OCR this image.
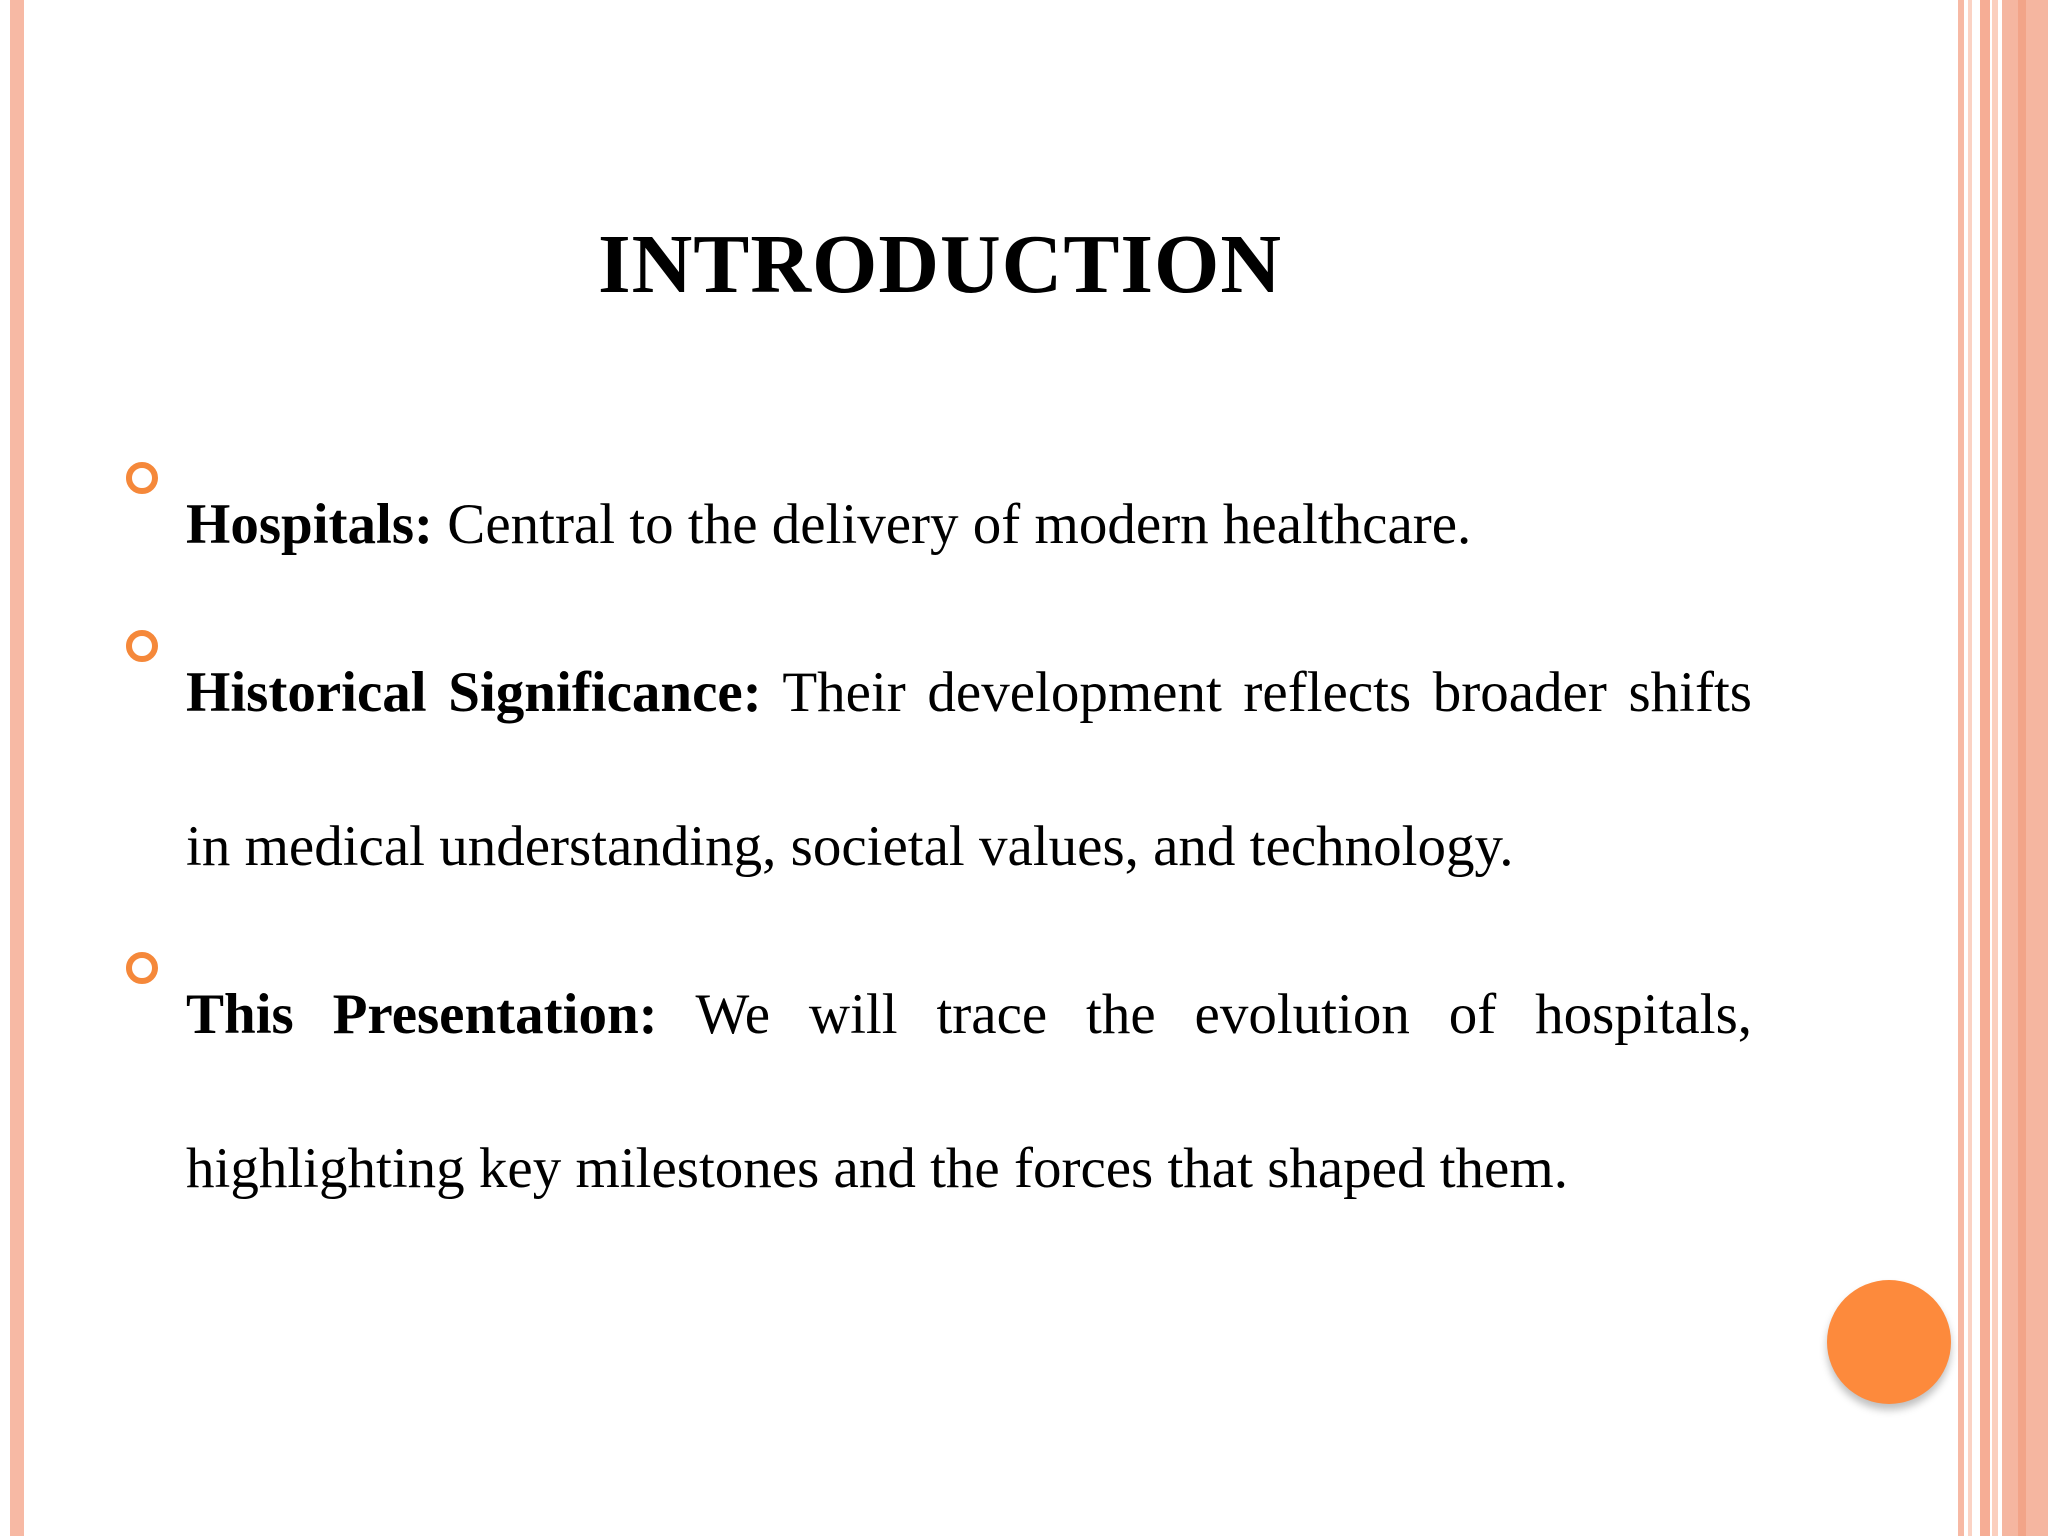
INTRODUCTION
Hospitals: Central to the delivery of modern healthcare.
Historical Significance: Their development reflects broader shifts in medical understanding, societal values, and technology.
This Presentation: We will trace the evolution of hospitals, highlighting key milestones and the forces that shaped them.
